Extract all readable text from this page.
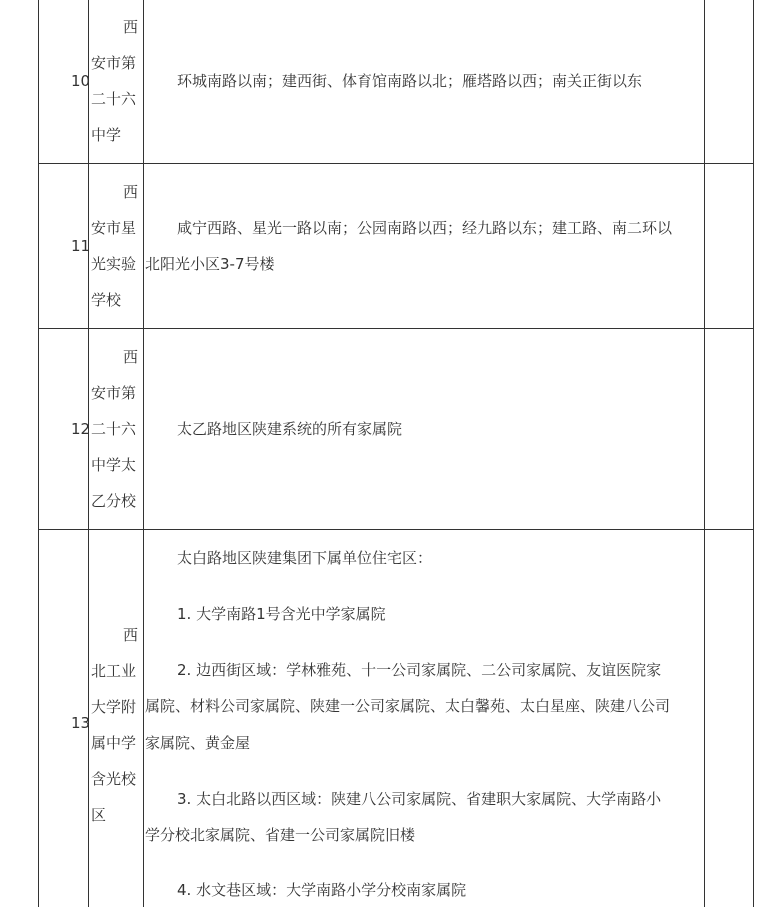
10
西
安市第
二十六
中学
环城南路以南；建西街、体育馆南路以北；雁塔路以西；南关正街以东
11
西
安市星
光实验
学校
咸宁西路、星光一路以南；公园南路以西；经九路以东；建工路、南二环以
北阳光小区3-7号楼
12
西
安市第
二十六
中学太
乙分校
太乙路地区陕建系统的所有家属院
13
西
北工业
大学附
属中学
含光校
区
太白路地区陕建集团下属单位住宅区：
1. 大学南路1号含光中学家属院
2. 边西街区域：学林雅苑、十一公司家属院、二公司家属院、友谊医院家
属院、材料公司家属院、陕建一公司家属院、太白馨苑、太白星座、陕建八公司
家属院、黄金屋
3. 太白北路以西区域：陕建八公司家属院、省建职大家属院、大学南路小
学分校北家属院、省建一公司家属院旧楼
4. 水文巷区域：大学南路小学分校南家属院
